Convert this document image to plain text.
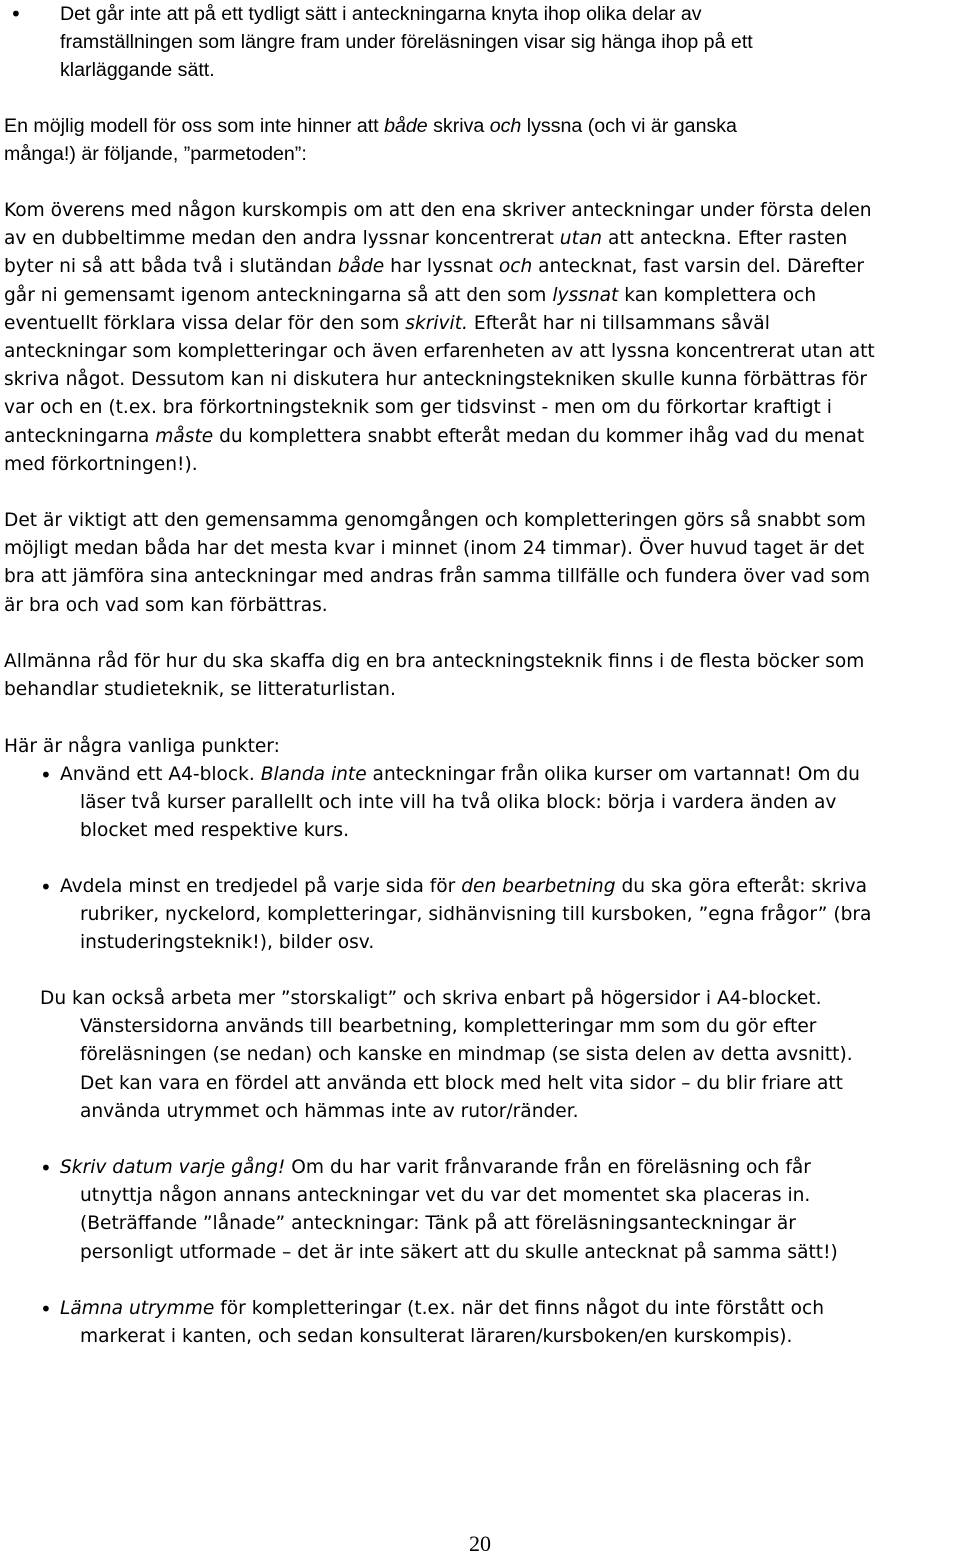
• Det går inte att på ett tydligt sätt i anteckningarna knyta ihop olika delar av
framställningen som längre fram under föreläsningen visar sig hänga ihop på ett
klarläggande sätt.
En möjlig modell för oss som inte hinner att både skriva och lyssna (och vi är ganska
många!) är följande, ”parmetoden”:
Kom överens med någon kurskompis om att den ena skriver anteckningar under första delen
av en dubbeltimme medan den andra lyssnar koncentrerat utan att anteckna. Efter rasten
byter ni så att båda två i slutändan både har lyssnat och antecknat, fast varsin del. Därefter
går ni gemensamt igenom anteckningarna så att den som lyssnat kan komplettera och
eventuellt förklara vissa delar för den som skrivit. Efteråt har ni tillsammans såväl
anteckningar som kompletteringar och även erfarenheten av att lyssna koncentrerat utan att
skriva något. Dessutom kan ni diskutera hur anteckningstekniken skulle kunna förbättras för
var och en (t.ex. bra förkortningsteknik som ger tidsvinst - men om du förkortar kraftigt i
anteckningarna måste du komplettera snabbt efteråt medan du kommer ihåg vad du menat
med förkortningen!).
Det är viktigt att den gemensamma genomgången och kompletteringen görs så snabbt som
möjligt medan båda har det mesta kvar i minnet (inom 24 timmar). Över huvud taget är det
bra att jämföra sina anteckningar med andras från samma tillfälle och fundera över vad som
är bra och vad som kan förbättras.
Allmänna råd för hur du ska skaffa dig en bra anteckningsteknik finns i de flesta böcker som
behandlar studieteknik, se litteraturlistan.
Här är några vanliga punkter:
• Använd ett A4-block. Blanda inte anteckningar från olika kurser om vartannat! Om du
läser två kurser parallellt och inte vill ha två olika block: börja i vardera änden av
blocket med respektive kurs.
• Avdela minst en tredjedel på varje sida för den bearbetning du ska göra efteråt: skriva
rubriker, nyckelord, kompletteringar, sidhänvisning till kursboken, ”egna frågor” (bra
instuderingsteknik!), bilder osv.
Du kan också arbeta mer ”storskaligt” och skriva enbart på högersidor i A4-blocket.
Vänstersidorna används till bearbetning, kompletteringar mm som du gör efter
föreläsningen (se nedan) och kanske en mindmap (se sista delen av detta avsnitt).
Det kan vara en fördel att använda ett block med helt vita sidor – du blir friare att
använda utrymmet och hämmas inte av rutor/ränder.
• Skriv datum varje gång! Om du har varit frånvarande från en föreläsning och får
utnyttja någon annans anteckningar vet du var det momentet ska placeras in.
(Beträffande ”lånade” anteckningar: Tänk på att föreläsningsanteckningar är
personligt utformade – det är inte säkert att du skulle antecknat på samma sätt!)
• Lämna utrymme för kompletteringar (t.ex. när det finns något du inte förstått och
markerat i kanten, och sedan konsulterat läraren/kursboken/en kurskompis).
20
